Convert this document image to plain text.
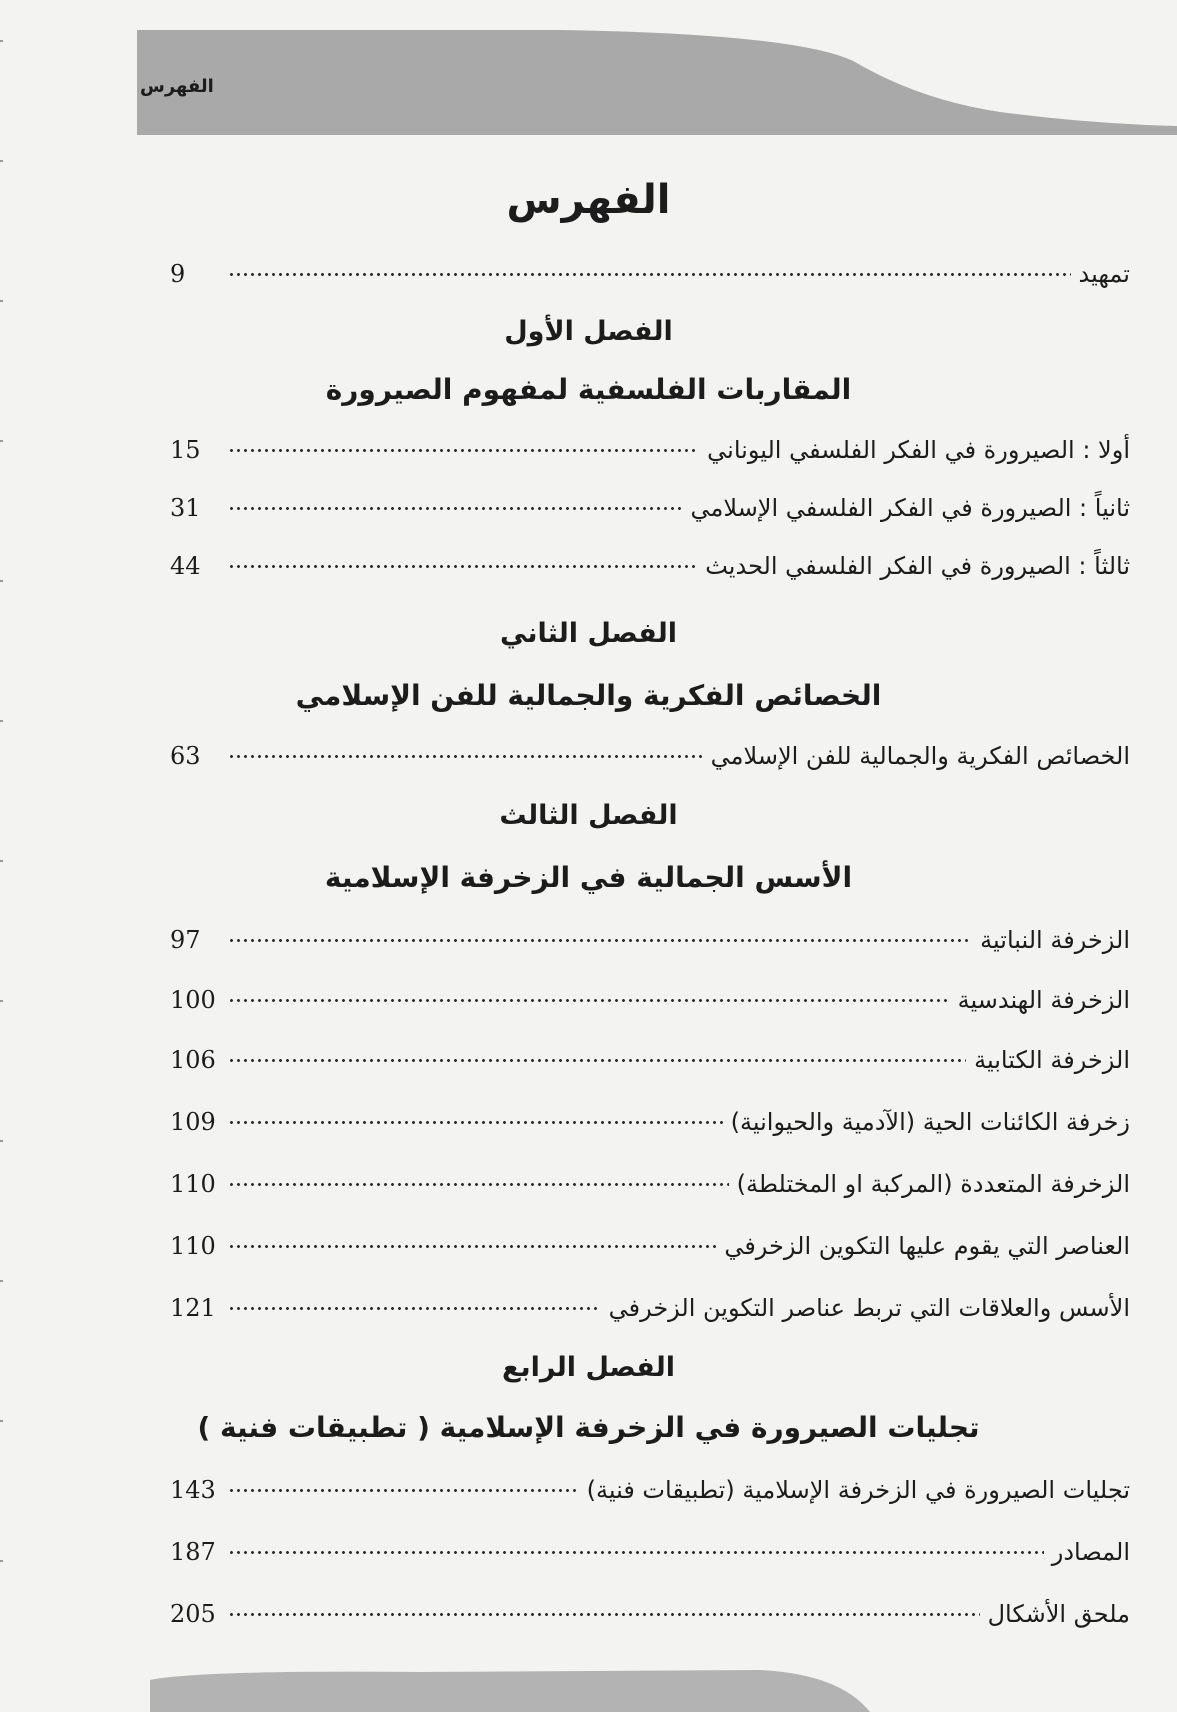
الفهرس
الفهرس
تمهيد
9
الفصل الأول
المقاربات الفلسفية لمفهوم الصيرورة
أولا : الصيرورة في الفكر الفلسفي اليوناني
15
ثانياً : الصيرورة في الفكر الفلسفي الإسلامي
31
ثالثاً : الصيرورة في الفكر الفلسفي الحديث
44
الفصل الثاني
الخصائص الفكرية والجمالية للفن الإسلامي
الخصائص الفكرية والجمالية للفن الإسلامي
63
الفصل الثالث
الأسس الجمالية في الزخرفة الإسلامية
الزخرفة النباتية
97
الزخرفة الهندسية
100
الزخرفة الكتابية
106
زخرفة الكائنات الحية (الآدمية والحيوانية)
109
الزخرفة المتعددة (المركبة او المختلطة)
110
العناصر التي يقوم عليها التكوين الزخرفي
110
الأسس والعلاقات التي تربط عناصر التكوين الزخرفي
121
الفصل الرابع
تجليات الصيرورة في الزخرفة الإسلامية ( تطبيقات فنية )
تجليات الصيرورة في الزخرفة الإسلامية (تطبيقات فنية)
143
المصادر
187
ملحق الأشكال
205
